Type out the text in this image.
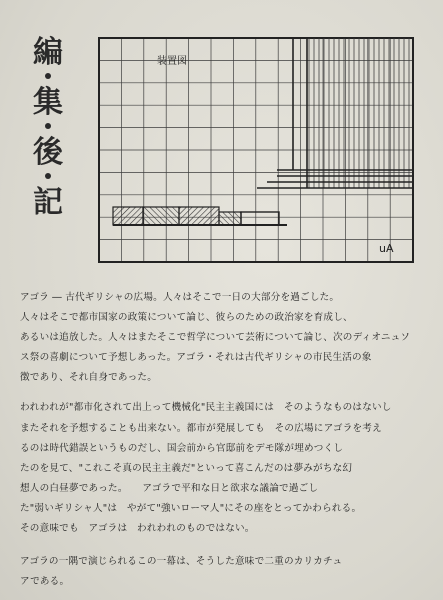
編
集
後
記
装置図
uA
アゴラ ― 古代ギリシャの広場。人々はそこで一日の大部分を過ごした。
人々はそこで都市国家の政策について論じ、彼らのための政治家を育成し、
あるいは追放した。人々はまたそこで哲学について芸術について論じ、次のディオニュソ
ス祭の喜劇について予想しあった。アゴラ・それは古代ギリシャの市民生活の象
徴であり、それ自身であった。
われわれが"都市化されて出上って機械化"民主主義国には　そのようなものはないし
またそれを予想することも出来ない。都市が発展しても　その広場にアゴラを考え
るのは時代錯誤というものだし、国会前から官邸前をデモ隊が埋めつくし
たのを見て、"これこそ真の民主主義だ"といって喜こんだのは夢みがちな幻
想人の白昼夢であった。　　アゴラで平和な日と欲求な議論で過ごし
た"弱いギリシャ人"は　やがて"強いローマ人"にその座をとってかわられる。
その意味でも　アゴラは　われわれのものではない。
アゴラの一隅で演じられるこの一幕は、そうした意味で二重のカリカチュ
アである。
